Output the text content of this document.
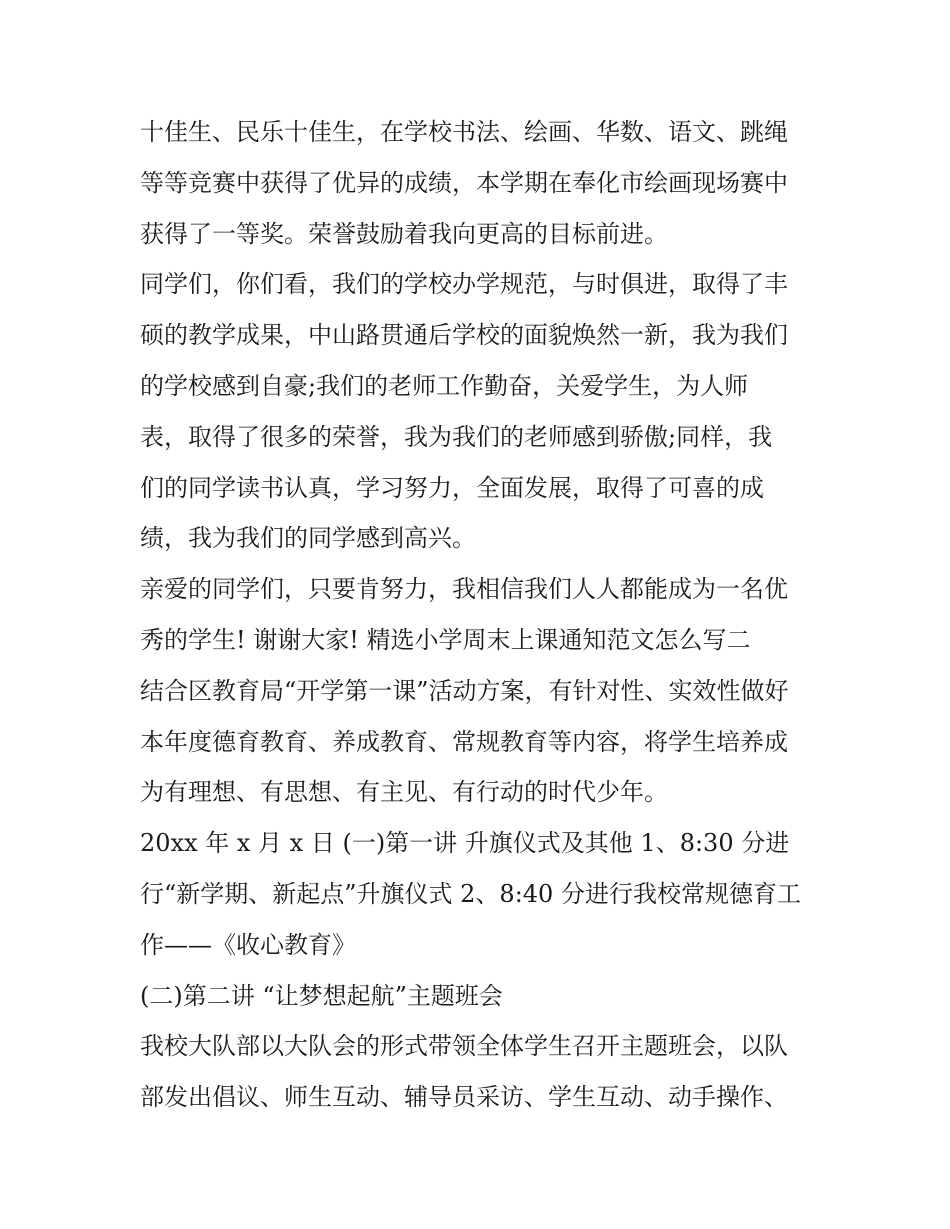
十佳生、民乐十佳生，在学校书法、绘画、华数、语文、跳绳
等等竞赛中获得了优异的成绩，本学期在奉化市绘画现场赛中
获得了一等奖。荣誉鼓励着我向更高的目标前进。
同学们，你们看，我们的学校办学规范，与时俱进，取得了丰
硕的教学成果，中山路贯通后学校的面貌焕然一新，我为我们
的学校感到自豪;我们的老师工作勤奋，关爱学生，为人师
表，取得了很多的荣誉，我为我们的老师感到骄傲;同样，我
们的同学读书认真，学习努力，全面发展，取得了可喜的成
绩，我为我们的同学感到高兴。
亲爱的同学们，只要肯努力，我相信我们人人都能成为一名优
秀的学生! 谢谢大家! 精选小学周末上课通知范文怎么写二
结合区教育局“开学第一课”活动方案，有针对性、实效性做好
本年度德育教育、养成教育、常规教育等内容，将学生培养成
为有理想、有思想、有主见、有行动的时代少年。
20xx 年 x 月 x 日 (一)第一讲 升旗仪式及其他 1、8:30 分进
行“新学期、新起点”升旗仪式 2、8:40 分进行我校常规德育工
作——《收心教育》
(二)第二讲 “让梦想起航”主题班会
我校大队部以大队会的形式带领全体学生召开主题班会，以队
部发出倡议、师生互动、辅导员采访、学生互动、动手操作、
